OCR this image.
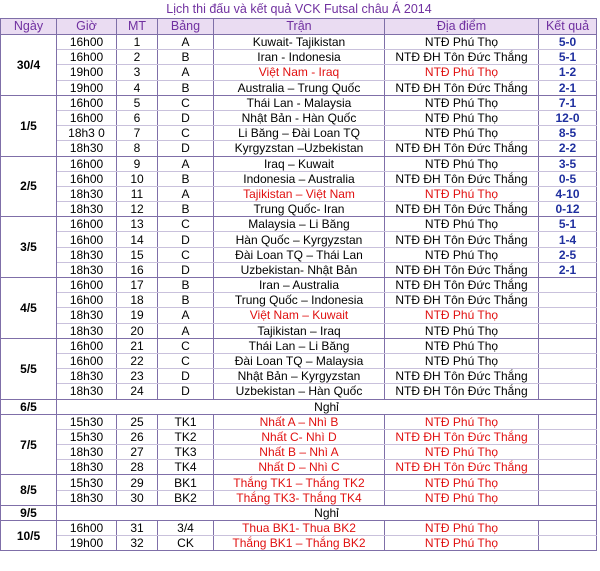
Lịch thi đấu và kết quả VCK Futsal châu Á 2014
Ngày	Giờ	MT	Bảng	Trận	Địa điểm	Kết quả
30/4	16h00	1	A	Kuwait- Tajikistan	NTĐ Phú Thọ	5-0
	16h00	2	B	Iran - Indonesia	NTĐ ĐH Tôn Đức Thắng	5-1
	19h00	3	A	Việt Nam - Iraq	NTĐ Phú Thọ	1-2
	19h00	4	B	Australia – Trung Quốc	NTĐ ĐH Tôn Đức Thắng	2-1
1/5	16h00	5	C	Thái Lan - Malaysia	NTĐ Phú Thọ	7-1
	16h00	6	D	Nhật Bản - Hàn Quốc	NTĐ Phú Thọ	12-0
	18h3 0	7	C	Li Băng – Đài Loan TQ	NTĐ Phú Thọ	8-5
	18h30	8	D	Kyrgyzstan –Uzbekistan	NTĐ ĐH Tôn Đức Thắng	2-2
2/5	16h00	9	A	Iraq – Kuwait	NTĐ Phú Thọ	3-5
	16h00	10	B	Indonesia – Australia	NTĐ ĐH Tôn Đức Thắng	0-5
	18h30	11	A	Tajikistan – Việt Nam	NTĐ Phú Thọ	4-10
	18h30	12	B	Trung Quốc- Iran	NTĐ ĐH Tôn Đức Thắng	0-12
3/5	16h00	13	C	Malaysia – Li Băng	NTĐ Phú Thọ	5-1
	16h00	14	D	Hàn Quốc – Kyrgyzstan	NTĐ ĐH Tôn Đức Thắng	1-4
	18h30	15	C	Đài Loan TQ – Thái Lan	NTĐ Phú Thọ	2-5
	18h30	16	D	Uzbekistan- Nhật Bản	NTĐ ĐH Tôn Đức Thắng	2-1
4/5	16h00	17	B	Iran – Australia	NTĐ ĐH Tôn Đức Thắng	
	16h00	18	B	Trung Quốc – Indonesia	NTĐ ĐH Tôn Đức Thắng	
	18h30	19	A	Việt Nam – Kuwait	NTĐ Phú Thọ	
	18h30	20	A	Tajikistan – Iraq	NTĐ Phú Thọ	
5/5	16h00	21	C	Thái Lan – Li Băng	NTĐ Phú Thọ	
	16h00	22	C	Đài Loan TQ – Malaysia	NTĐ Phú Thọ	
	18h30	23	D	Nhật Bản – Kyrgyzstan	NTĐ ĐH Tôn Đức Thắng	
	18h30	24	D	Uzbekistan – Hàn Quốc	NTĐ ĐH Tôn Đức Thắng	
6/5	Nghỉ					
7/5	15h30	25	TK1	Nhất A – Nhì B	NTĐ Phú Thọ	
	15h30	26	TK2	Nhất C- Nhì D	NTĐ ĐH Tôn Đức Thắng	
	18h30	27	TK3	Nhất B – Nhì A	NTĐ Phú Thọ	
	18h30	28	TK4	Nhất D – Nhì C	NTĐ ĐH Tôn Đức Thắng	
8/5	15h30	29	BK1	Thắng TK1 – Thắng TK2	NTĐ Phú Thọ	
	18h30	30	BK2	Thắng TK3- Thắng TK4	NTĐ Phú Thọ	
9/5	Nghỉ					
10/5	16h00	31	3/4	Thua BK1- Thua BK2	NTĐ Phú Thọ	
	19h00	32	CK	Thắng BK1 – Thắng BK2	NTĐ Phú Thọ	
